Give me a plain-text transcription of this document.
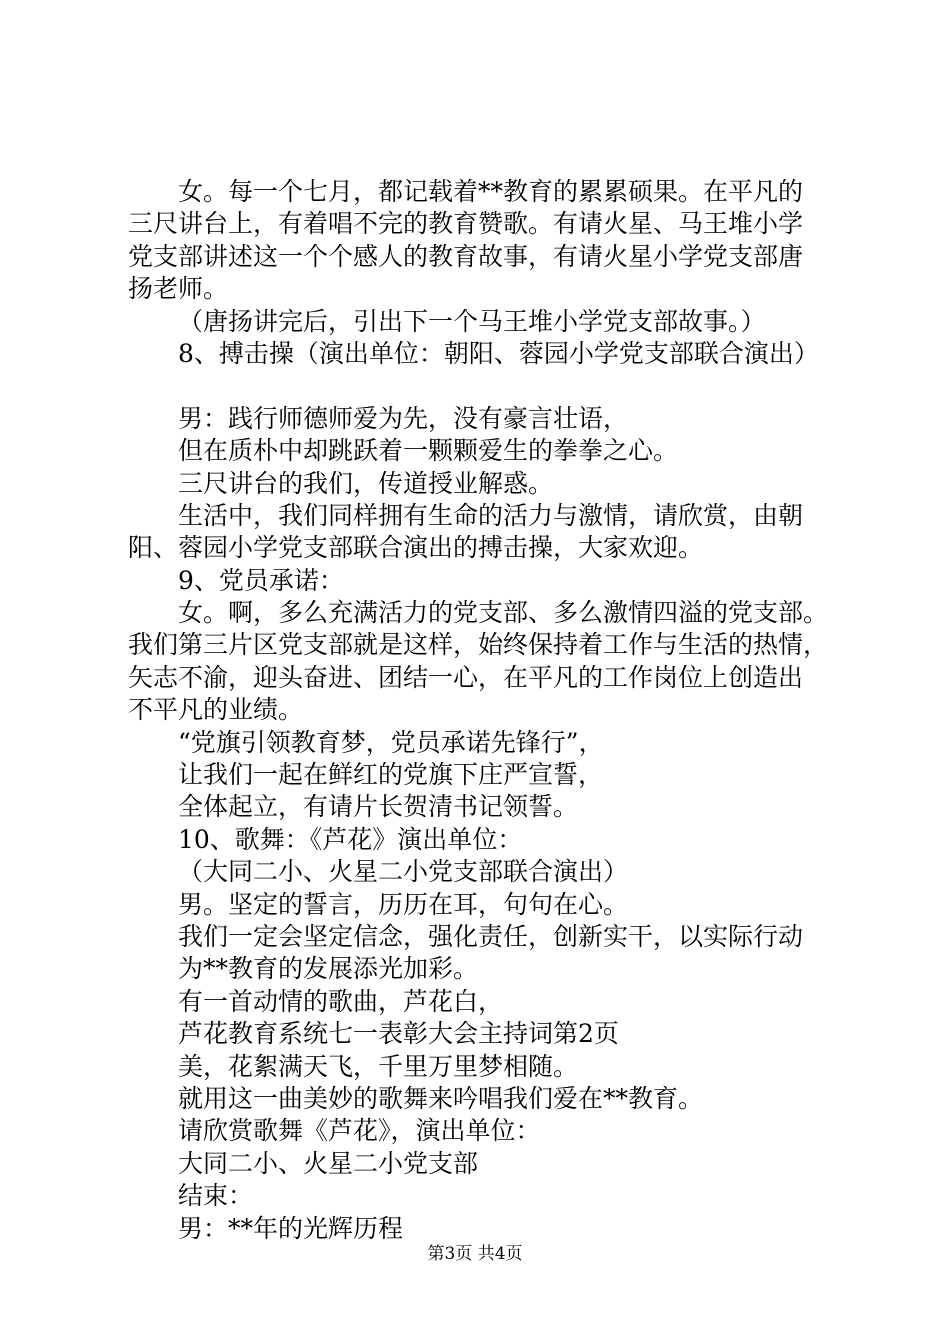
女。每一个七月，都记载着**教育的累累硕果。在平凡的
三尺讲台上，有着唱不完的教育赞歌。有请火星、马王堆小学
党支部讲述这一个个感人的教育故事，有请火星小学党支部唐
扬老师。
（唐扬讲完后，引出下一个马王堆小学党支部故事。）
8、搏击操（演出单位：朝阳、蓉园小学党支部联合演出）
男：践行师德师爱为先，没有豪言壮语，
但在质朴中却跳跃着一颗颗爱生的拳拳之心。
三尺讲台的我们，传道授业解惑。
生活中，我们同样拥有生命的活力与激情，请欣赏，由朝
阳、蓉园小学党支部联合演出的搏击操，大家欢迎。
9、党员承诺：
女。啊，多么充满活力的党支部、多么激情四溢的党支部。
我们第三片区党支部就是这样，始终保持着工作与生活的热情，
矢志不渝，迎头奋进、团结一心，在平凡的工作岗位上创造出
不平凡的业绩。
“党旗引领教育梦，党员承诺先锋行”，
让我们一起在鲜红的党旗下庄严宣誓，
全体起立，有请片长贺清书记领誓。
10、歌舞：《芦花》演出单位：
（大同二小、火星二小党支部联合演出）
男。坚定的誓言，历历在耳，句句在心。
我们一定会坚定信念，强化责任，创新实干，以实际行动
为**教育的发展添光加彩。
有一首动情的歌曲，芦花白，
芦花教育系统七一表彰大会主持词第2页
美，花絮满天飞，千里万里梦相随。
就用这一曲美妙的歌舞来吟唱我们爱在**教育。
请欣赏歌舞《芦花》，演出单位：
大同二小、火星二小党支部
结束：
男：**年的光辉历程
第3页 共4页
